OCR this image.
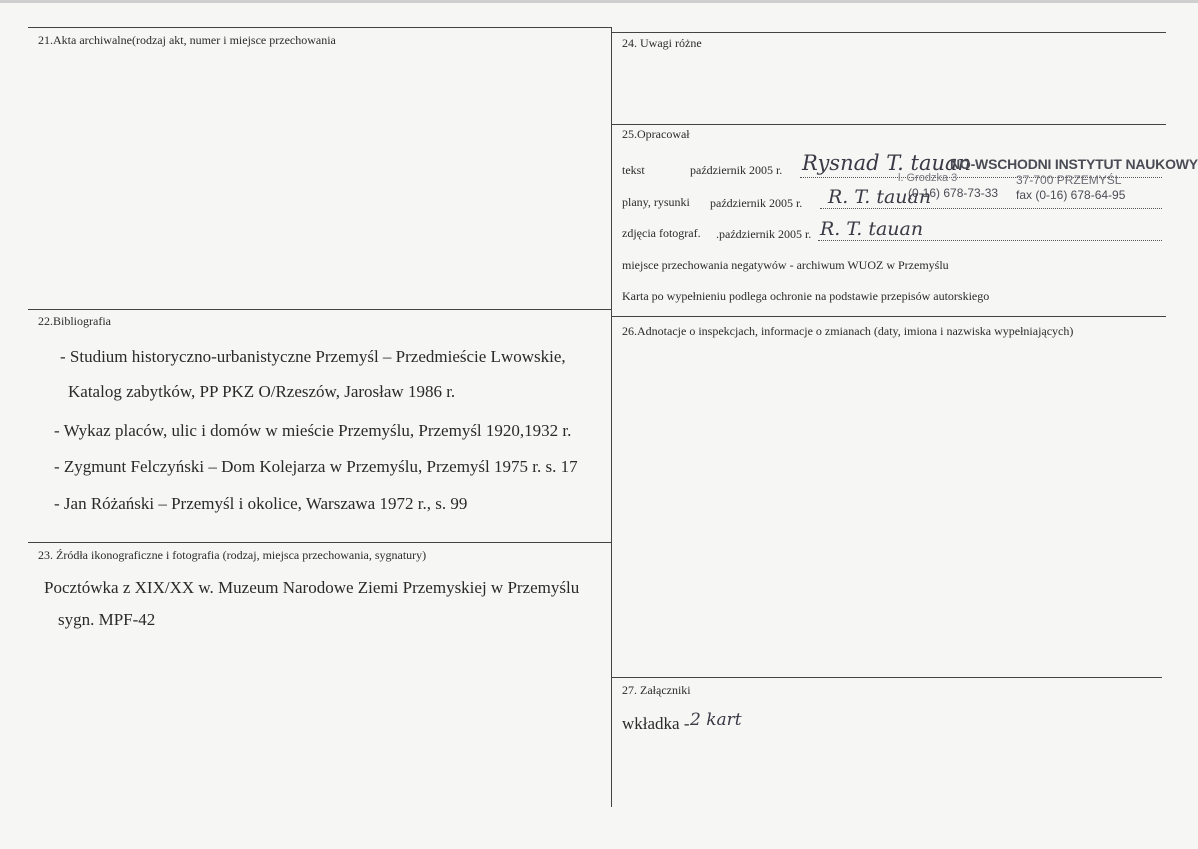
21.Akta archiwalne(rodzaj akt, numer i miejsce przechowania
22.Bibliografia
- Studium historyczno-urbanistyczne Przemyśl – Przedmieście Lwowskie,
Katalog zabytków, PP PKZ O/Rzeszów, Jarosław 1986 r.
- Wykaz placów, ulic i domów w mieście Przemyślu, Przemyśl 1920,1932 r.
- Zygmunt Felczyński – Dom Kolejarza w Przemyślu, Przemyśl 1975 r. s. 17
- Jan Różański – Przemyśl i okolice, Warszawa 1972 r., s. 99
23. Źródła ikonograficzne i fotografia (rodzaj, miejsca przechowania, sygnatury)
Pocztówka z XIX/XX w. Muzeum Narodowe Ziemi Przemyskiej w Przemyślu
sygn. MPF-42
24. Uwagi różne
25.Opracował
tekst	październik 2005 r. Rysnad T. tauan
NO-WSCHODNI INSTYTUT NAUKOWY
l. Grodzka 3	37-700 PRZEMYŚL
(0-16) 678-73-33 fax (0-16) 678-64-95
plany, rysunki październik 2005 r. R. T. tauan
zdjęcia fotograf. .październik 2005 r. R. T. tauan
miejsce przechowania negatywów - archiwum WUOZ w Przemyślu
Karta po wypełnieniu podlega ochronie na podstawie przepisów autorskiego
26.Adnotacje o inspekcjach, informacje o zmianach (daty, imiona i nazwiska wypełniających)
27. Załączniki
wkładka - 2 kart
